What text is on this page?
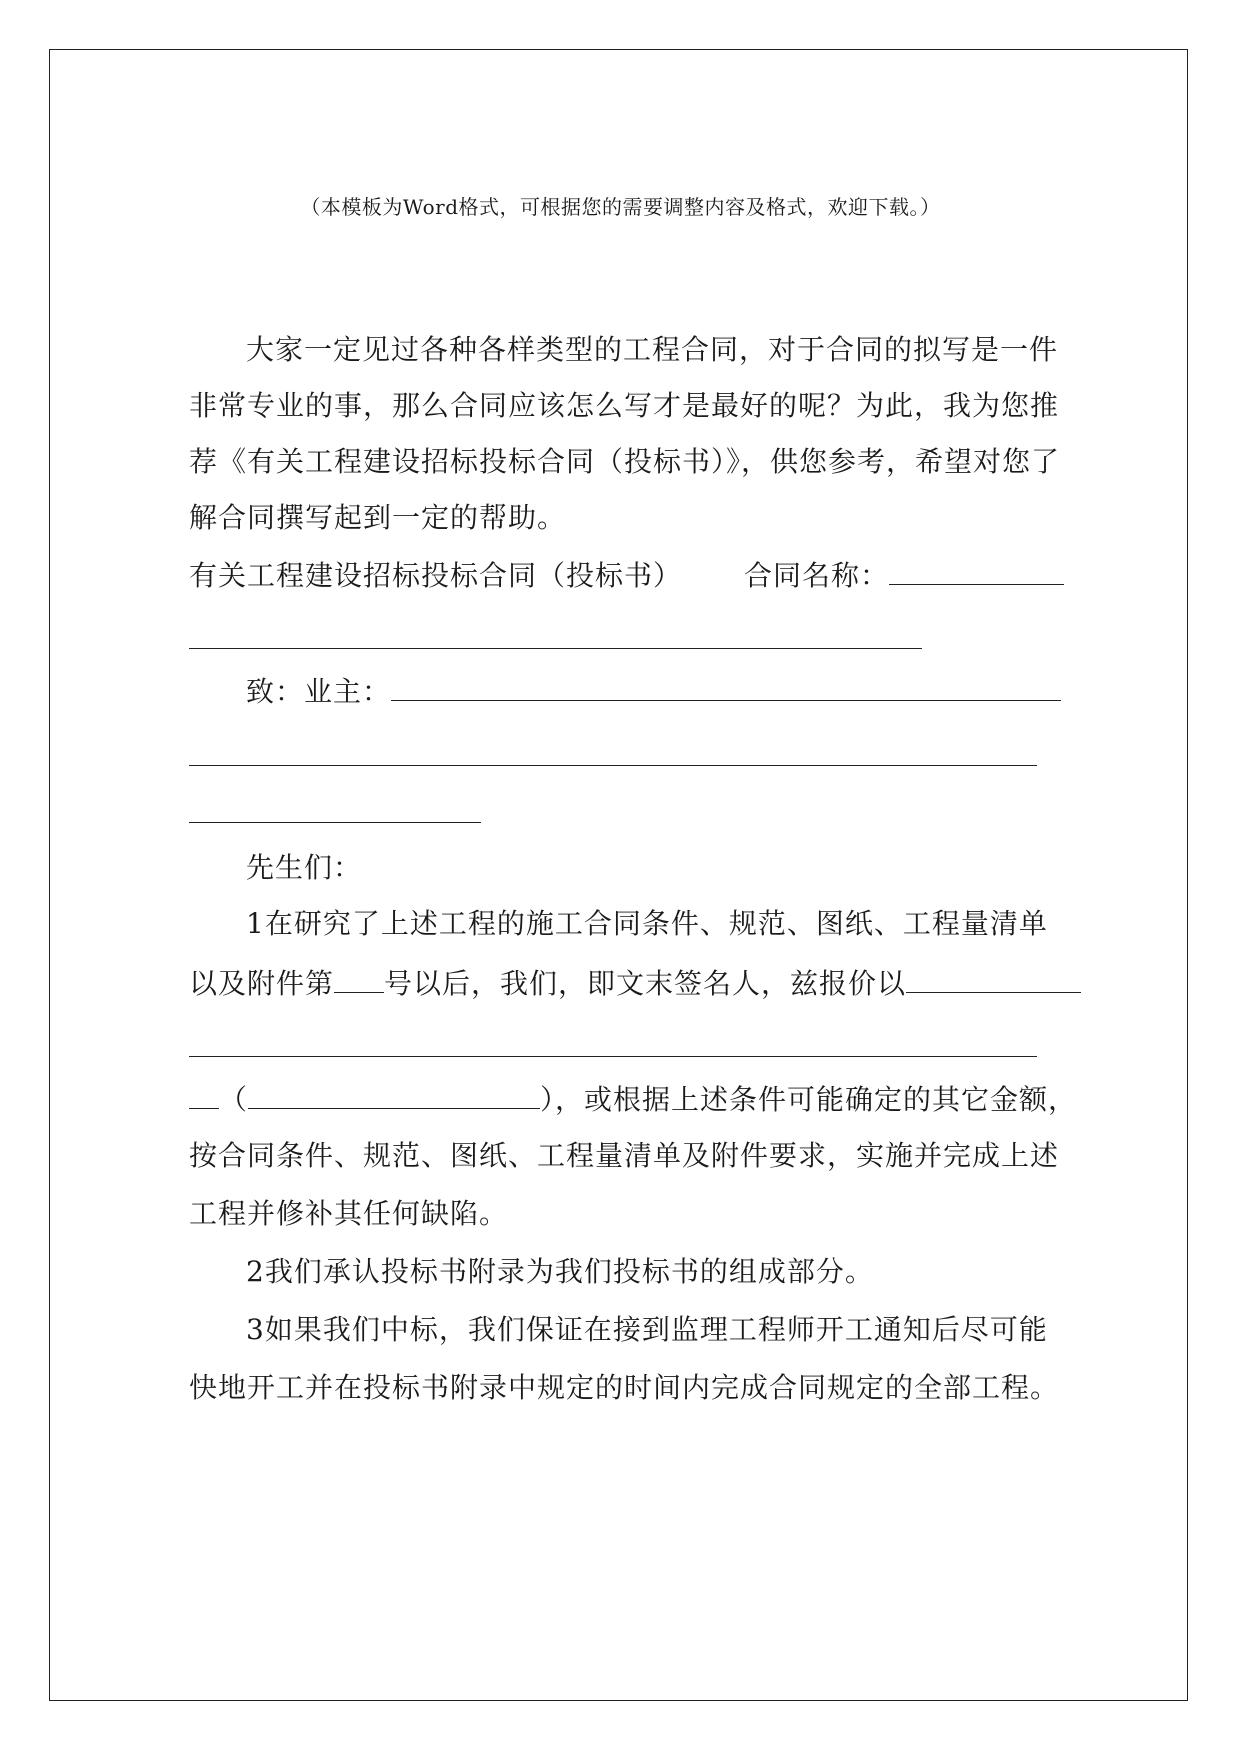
（本模板为Word格式，可根据您的需要调整内容及格式，欢迎下载。）
大家一定见过各种各样类型的工程合同，对于合同的拟写是一件
非常专业的事，那么合同应该怎么写才是最好的呢？为此，我为您推
荐《有关工程建设招标投标合同（投标书）》，供您参考，希望对您了
解合同撰写起到一定的帮助。
有关工程建设招标投标合同（投标书） 合同名称：
致：业主：
先生们：
1在研究了上述工程的施工合同条件、规范、图纸、工程量清单
以及附件第 号以后，我们，即文末签名人，兹报价以
（	），或根据上述条件可能确定的其它金额，
按合同条件、规范、图纸、工程量清单及附件要求，实施并完成上述
工程并修补其任何缺陷。
2我们承认投标书附录为我们投标书的组成部分。
3如果我们中标，我们保证在接到监理工程师开工通知后尽可能
快地开工并在投标书附录中规定的时间内完成合同规定的全部工程。
